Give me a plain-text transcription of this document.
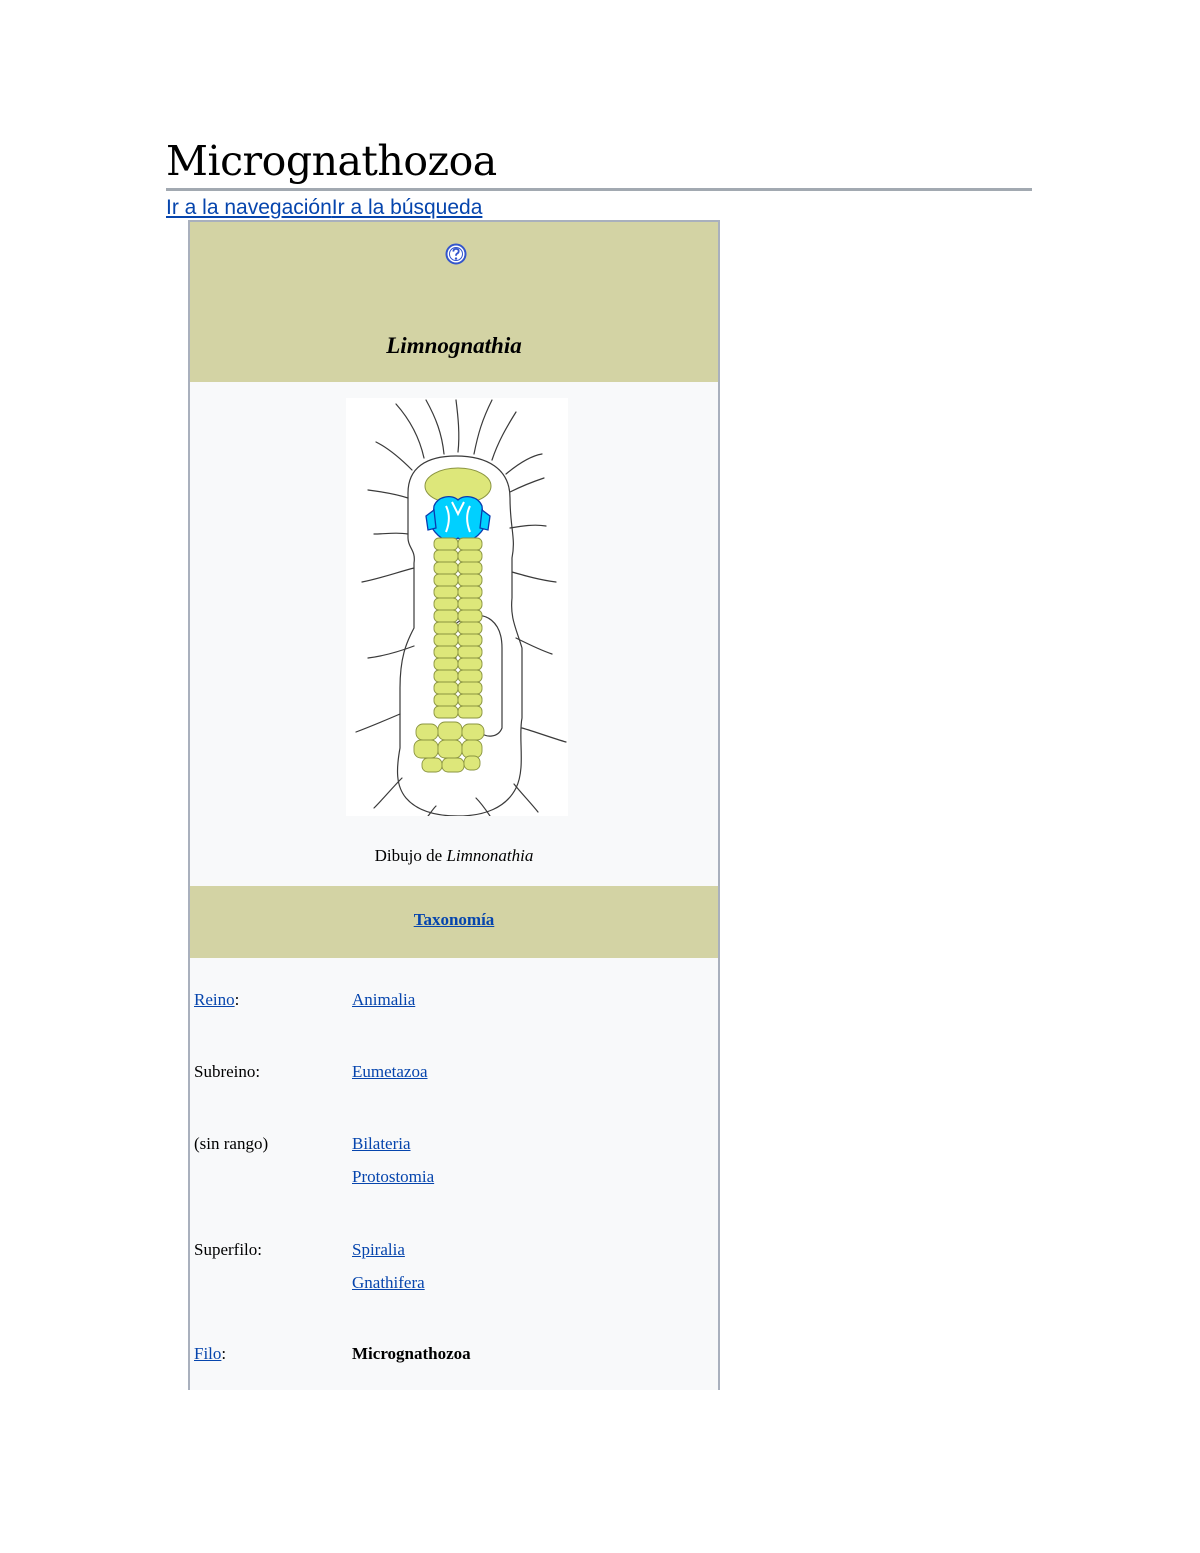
Micrognathozoa
Ir a la navegaciónIr a la búsqueda
Limnognathia
Dibujo de Limnonathia
Taxonomía
Reino:	Animalia
Subreino:	Eumetazoa
(sin rango)	Bilateria
Protostomia
Superfilo:	Spiralia
Gnathifera
Filo:	Micrognathozoa
